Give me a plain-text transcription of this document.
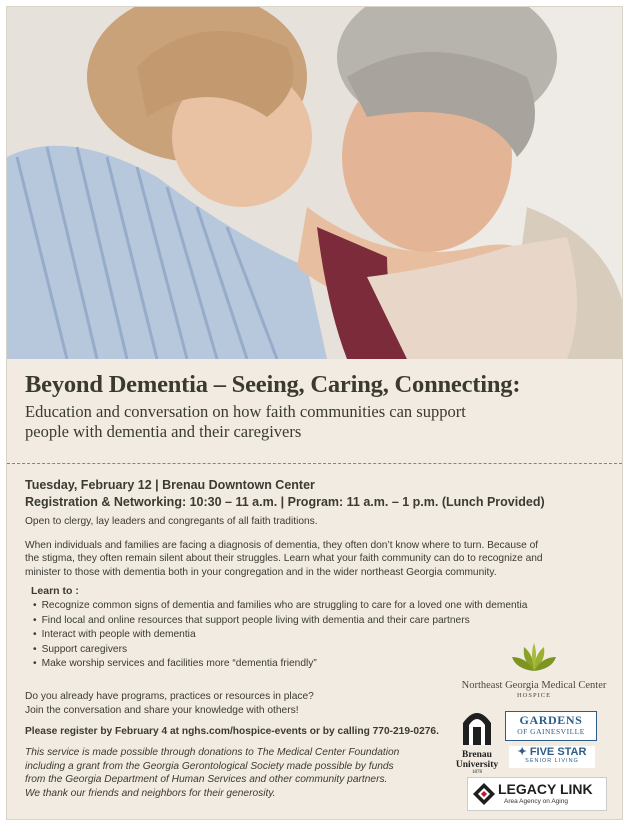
Beyond Dementia – Seeing, Caring, Connecting:

Education and conversation on how faith communities can support

people with dementia and their caregivers

Tuesday, February 12 | Brenau Downtown Center

Registration & Networking: 10:30 – 11 a.m. | Program: 11 a.m. – 1 p.m. (Lunch Provided)

Open to clergy, lay leaders and congregants of all faith traditions.

When individuals and families are facing a diagnosis of dementia, they often don’t know where to turn. Because of

the stigma, they often remain silent about their struggles. Learn what your faith community can do to recognize and

minister to those with dementia both in your congregation and in the wider northeast Georgia community.

Learn to :

• Recognize common signs of dementia and families who are struggling to care for a loved one with dementia
• Find local and online resources that support people living with dementia and their care partners
• Interact with people with dementia
• Support caregivers
• Make worship services and facilities more “dementia friendly”

Do you already have programs, practices or resources in place?

Join the conversation and share your knowledge with others!

Please register by February 4 at nghs.com/hospice-events or by calling 770-219-0276.

This service is made possible through donations to The Medical Center Foundation

including a grant from the Georgia Gerontological Society made possible by funds

from the Georgia Department of Human Services and other community partners.

We thank our friends and neighbors for their generosity.

Northeast Georgia Medical Center
HOSPICE
Brenau
University
1878
GARDENS
OF GAINESVILLE
✦ FIVE STAR
SENIOR LIVING
LEGACY LINK
Area Agency on Aging
